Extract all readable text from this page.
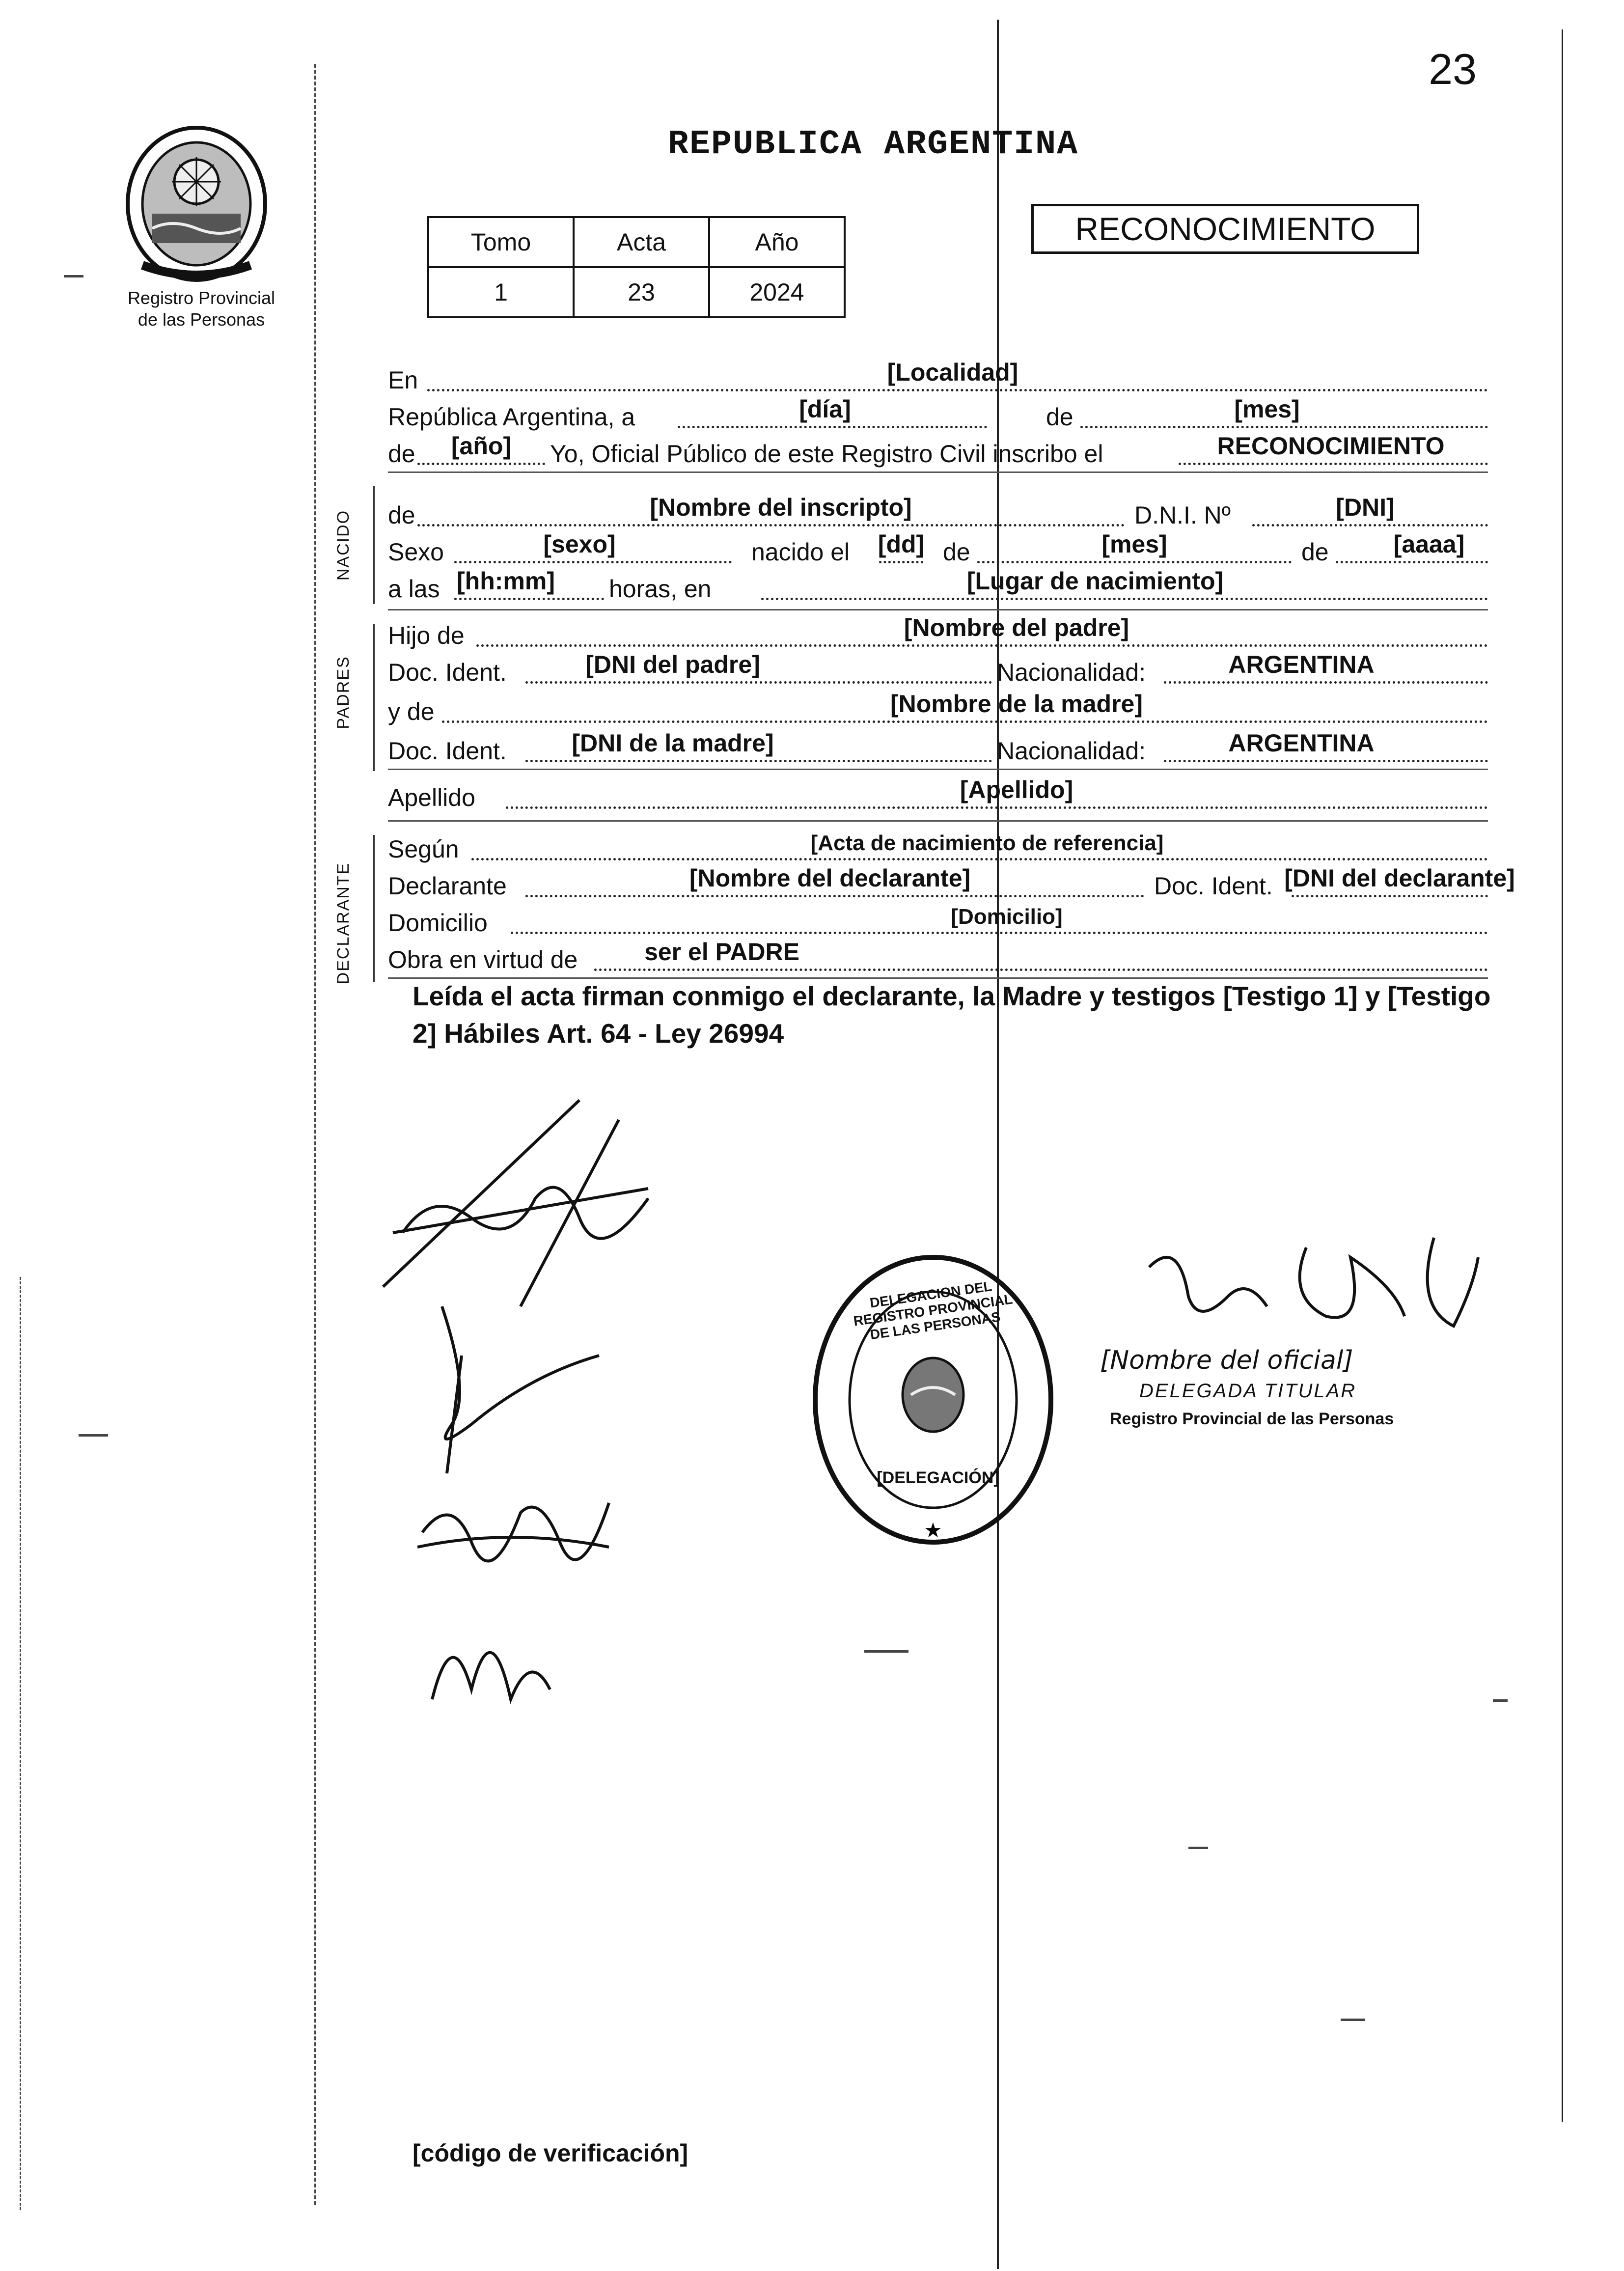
23
Registro Provincial
de las Personas
REPUBLICA ARGENTINA
Tomo	Acta	Año
1	23	2024
RECONOCIMIENTO
En	[Localidad]
República Argentina, a	[día]	de	[mes]
de [año] Yo, Oficial Público de este Registro Civil inscribo el	RECONOCIMIENTO
NACIDO	de	[Nombre del inscripto]	D.N.I. Nº	[DNI]
Sexo	[sexo]	nacido el [dd] de	[mes]	de	[aaaa]
a las [hh:mm] horas, en	[Lugar de nacimiento]
PADRES
Hijo de	[Nombre del padre]
Doc. Ident.	[DNI del padre]	Nacionalidad:	ARGENTINA
y de	[Nombre de la madre]
Doc. Ident.	[DNI de la madre]	Nacionalidad:	ARGENTINA
Apellido	[Apellido]
DECLARANTE
Según	[Acta de nacimiento de referencia]
Declarante	[Nombre del declarante]	Doc. Ident. [DNI del declarante]
Domicilio	[Domicilio]
Obra en virtud de	ser el PADRE
Leída el acta firman conmigo el declarante, la Madre y testigos [Testigo 1] y [Testigo 2] Hábiles Art. 64 - Ley 26994
★
DELEGACION DEL REGISTRO PROVINCIAL DE LAS PERSONAS
[DELEGACIÓN]
[Nombre del oficial]
DELEGADA TITULAR
Registro Provincial de las Personas
[código de verificación]
